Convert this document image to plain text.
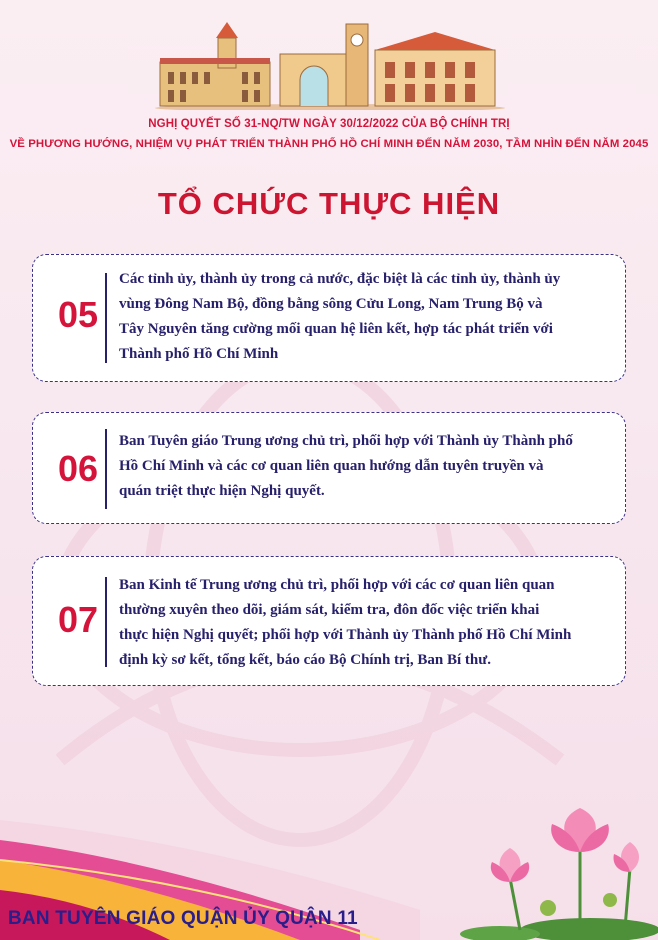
NGHỊ QUYẾT SỐ 31-NQ/TW NGÀY 30/12/2022 CỦA BỘ CHÍNH TRỊ
VỀ PHƯƠNG HƯỚNG, NHIỆM VỤ PHÁT TRIỂN THÀNH PHỐ HỒ CHÍ MINH ĐẾN NĂM 2030, TẦM NHÌN ĐẾN NĂM 2045
TỔ CHỨC THỰC HIỆN
05
Các tỉnh ủy, thành ủy trong cả nước, đặc biệt là các tỉnh ủy, thành ủy
vùng Đông Nam Bộ, đồng bằng sông Cửu Long, Nam Trung Bộ và
Tây Nguyên tăng cường mối quan hệ liên kết, hợp tác phát triển với
Thành phố Hồ Chí Minh
06
Ban Tuyên giáo Trung ương chủ trì, phối hợp với Thành ủy Thành phố
Hồ Chí Minh và các cơ quan liên quan hướng dẫn tuyên truyền và
quán triệt thực hiện Nghị quyết.
07
Ban Kinh tế Trung ương chủ trì, phối hợp với các cơ quan liên quan
thường xuyên theo dõi, giám sát, kiểm tra, đôn đốc việc triển khai
thực hiện Nghị quyết; phối hợp với Thành ủy Thành phố Hồ Chí Minh
định kỳ sơ kết, tổng kết, báo cáo Bộ Chính trị, Ban Bí thư.
BAN TUYÊN GIÁO QUẬN ỦY QUẬN 11
